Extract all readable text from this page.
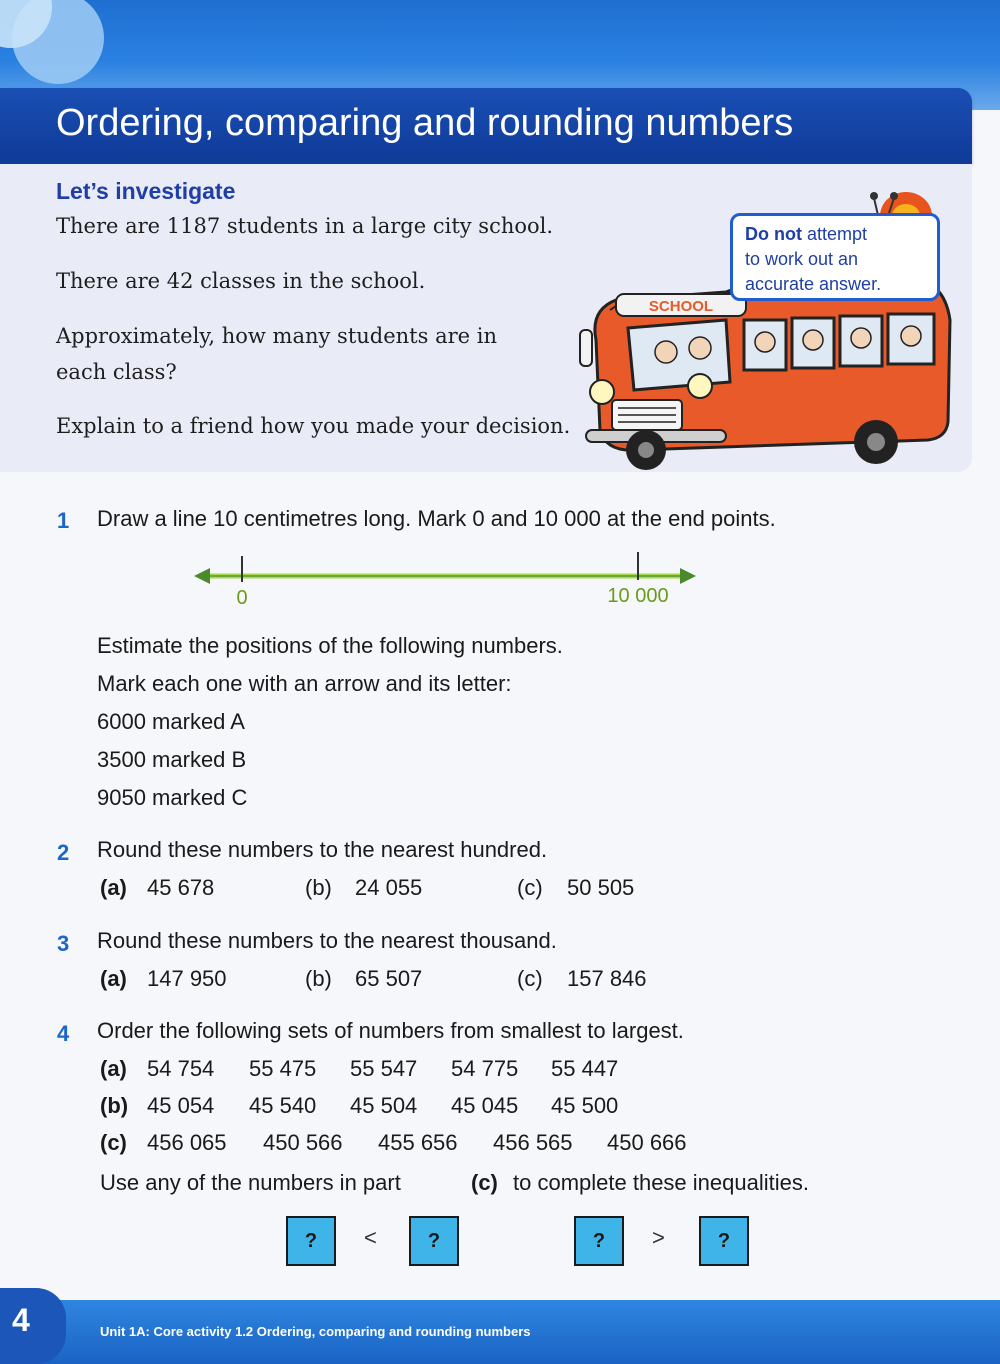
Ordering, comparing and rounding numbers
Let’s investigate
There are 1187 students in a large city school.
There are 42 classes in the school.
Approximately, how many students are in
each class?
Explain to a friend how you made your decision.
SCHOOL
Do not attempt
to work out an
accurate answer.
1 Draw a line 10 centimetres long. Mark 0 and 10 000 at the end points.
0	10 000
Estimate the positions of the following numbers.
Mark each one with an arrow and its letter:
6000 marked A
3500 marked B
9050 marked C
2 Round these numbers to the nearest hundred.
(a) 45 678	(b) 24 055	(c) 50 505
3 Round these numbers to the nearest thousand.
(a) 147 950	(b) 65 507	(c) 157 846
4 Order the following sets of numbers from smallest to largest.
(a) 54 754 55 475 55 547 54 775 55 447
(b) 45 054 45 540 45 504 45 045 45 500
(c) 456 065 450 566 455 656 456 565 450 666
Use any of the numbers in part	(c) to complete these inequalities.
?	<	?	?	>	?
4	Unit 1A: Core activity 1.2 Ordering, comparing and rounding numbers
